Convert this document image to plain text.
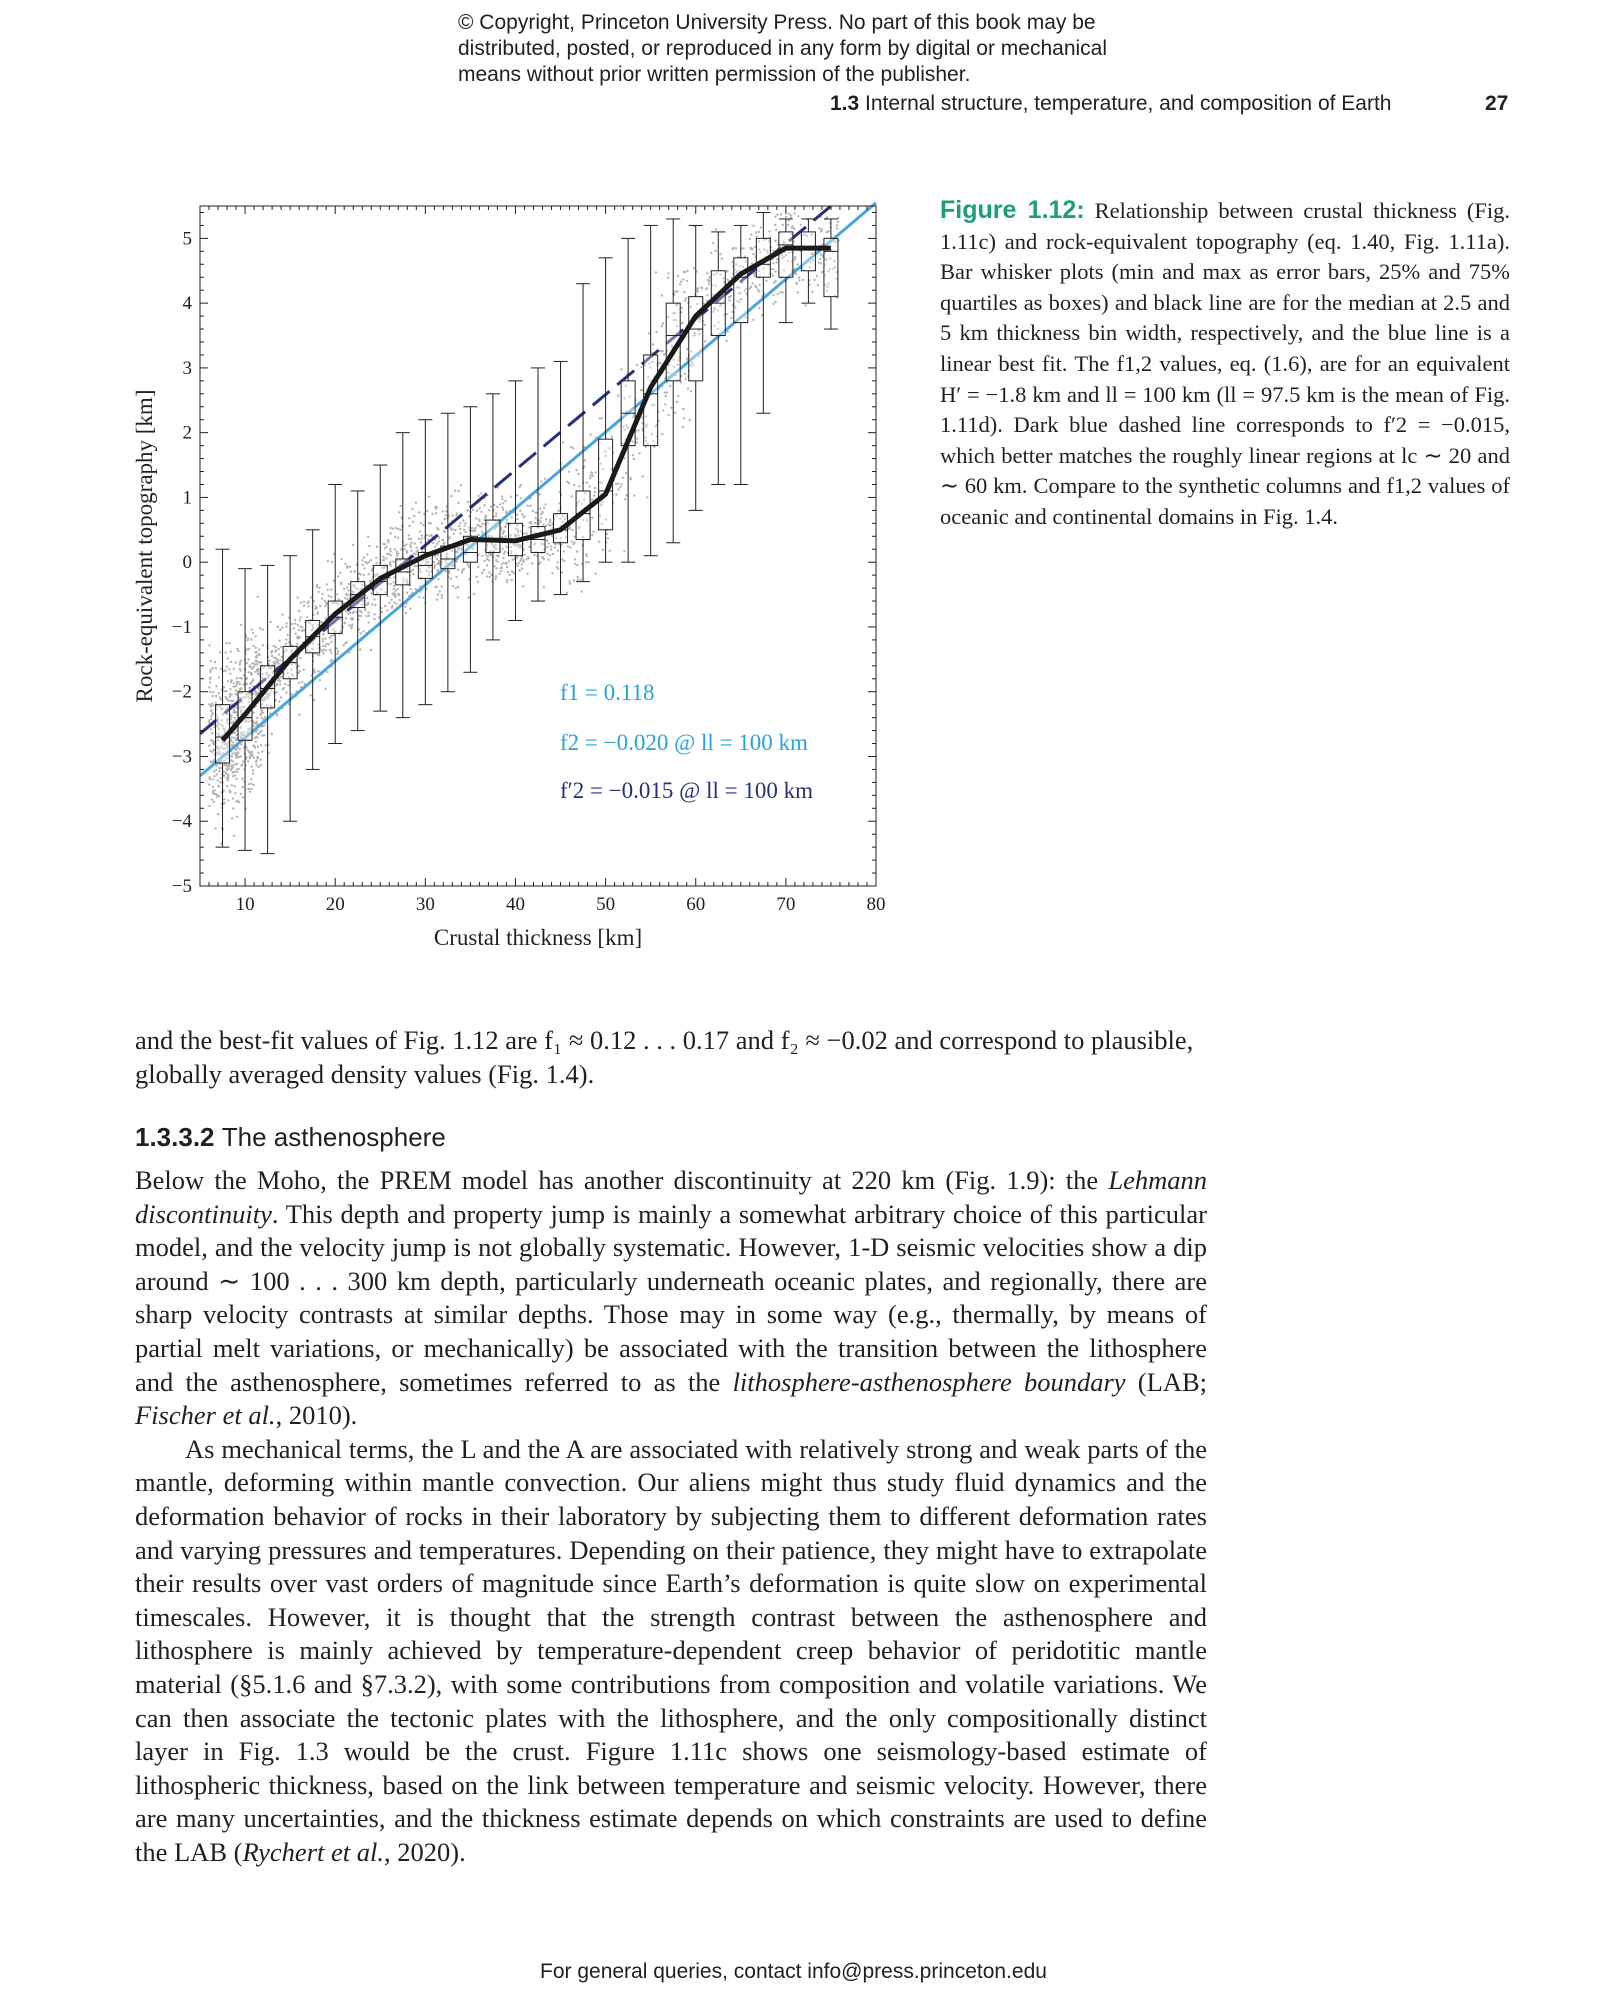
© Copyright, Princeton University Press. No part of this book may be
distributed, posted, or reproduced in any form by digital or mechanical
means without prior written permission of the publisher.
1.3 Internal structure, temperature, and composition of Earth	27
10	20	30	40	50	60	70	80
−5
−4
−3
−2
−1
0
1
2
3
4
5
Crustal thickness [km]
Rock-equivalent topography [km]	f1 = 0.118
f2 = −0.020 @ ll = 100 km
f′2 = −0.015 @ ll = 100 km
Figure 1.12: Relationship between crustal thickness (Fig. 1.11c) and rock-equivalent topography (eq. 1.40, Fig. 1.11a). Bar whisker plots (min and max as error bars, 25% and 75% quartiles as boxes) and black line are for the median at 2.5 and 5 km thickness bin width, respectively, and the blue line is a linear best fit. The f1,2 values, eq. (1.6), are for an equivalent H′ = −1.8 km and ll = 100 km (ll = 97.5 km is the mean of Fig. 1.11d). Dark blue dashed line corresponds to f′2 = −0.015, which better matches the roughly linear regions at lc ∼ 20 and ∼ 60 km. Compare to the synthetic columns and f1,2 values of oceanic and continental domains in Fig. 1.4.

and the best-fit values of Fig. 1.12 are f₁ ≈ 0.12 . . . 0.17 and f₂ ≈ −0.02 and correspond to plausible,

globally averaged density values (Fig. 1.4).

1.3.3.2 The asthenosphere

Below the Moho, the PREM model has another discontinuity at 220 km (Fig. 1.9): the Lehmann discontinuity. This depth and property jump is mainly a somewhat arbitrary choice of this particular model, and the velocity jump is not globally systematic. However, 1-D seismic velocities show a dip around ∼ 100 . . . 300 km depth, particularly underneath oceanic plates, and regionally, there are sharp velocity contrasts at similar depths. Those may in some way (e.g., thermally, by means of partial melt variations, or mechanically) be associated with the transition between the lithosphere and the asthenosphere, sometimes referred to as the lithosphere-asthenosphere boundary (LAB; Fischer et al., 2010).

As mechanical terms, the L and the A are associated with relatively strong and weak parts of the mantle, deforming within mantle convection. Our aliens might thus study fluid dynamics and the deformation behavior of rocks in their laboratory by subjecting them to different deformation rates and varying pressures and temperatures. Depending on their patience, they might have to extrapolate their results over vast orders of magnitude since Earth’s deformation is quite slow on experimental timescales. However, it is thought that the strength contrast between the asthenosphere and lithosphere is mainly achieved by temperature-dependent creep behavior of peridotitic mantle material (§5.1.6 and §7.3.2), with some contributions from composition and volatile variations. We can then associate the tectonic plates with the lithosphere, and the only compositionally distinct layer in Fig. 1.3 would be the crust. Figure 1.11c shows one seismology-based estimate of lithospheric thickness, based on the link between temperature and seismic velocity. However, there are many uncertainties, and the thickness estimate depends on which constraints are used to define the LAB (Rychert et al., 2020).

For general queries, contact info@press.princeton.edu
